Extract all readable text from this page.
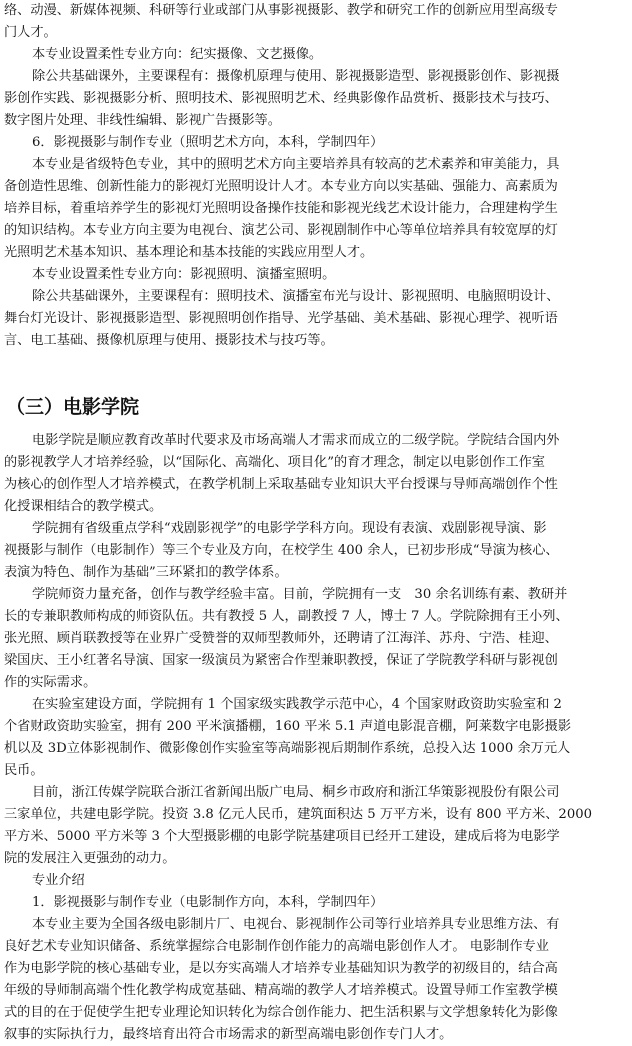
络、动漫、新媒体视频、科研等行业或部门从事影视摄影、教学和研究工作的创新应用型高级专
门人才。
本专业设置柔性专业方向：纪实摄像、文艺摄像。
除公共基础课外，主要课程有：摄像机原理与使用、影视摄影造型、影视摄影创作、影视摄
影创作实践、影视摄影分析、照明技术、影视照明艺术、经典影像作品赏析、摄影技术与技巧、
数字图片处理、非线性编辑、影视广告摄影等。
6．影视摄影与制作专业（照明艺术方向，本科，学制四年）
本专业是省级特色专业，其中的照明艺术方向主要培养具有较高的艺术素养和审美能力，具
备创造性思维、创新性能力的影视灯光照明设计人才。本专业方向以实基础、强能力、高素质为
培养目标，着重培养学生的影视灯光照明设备操作技能和影视光线艺术设计能力，合理建构学生
的知识结构。本专业方向主要为电视台、演艺公司、影视剧制作中心等单位培养具有较宽厚的灯
光照明艺术基本知识、基本理论和基本技能的实践应用型人才。
本专业设置柔性专业方向：影视照明、演播室照明。
除公共基础课外，主要课程有：照明技术、演播室布光与设计、影视照明、电脑照明设计、
舞台灯光设计、影视摄影造型、影视照明创作指导、光学基础、美术基础、影视心理学、视听语
言、电工基础、摄像机原理与使用、摄影技术与技巧等。
（三）电影学院
电影学院是顺应教育改革时代要求及市场高端人才需求而成立的二级学院。学院结合国内外
的影视教学人才培养经验，以“国际化、高端化、项目化”的育才理念，制定以电影创作工作室
为核心的创作型人才培养模式，在教学机制上采取基础专业知识大平台授课与导师高端创作个性
化授课相结合的教学模式。
学院拥有省级重点学科“戏剧影视学”的电影学学科方向。现设有表演、戏剧影视导演、影
视摄影与制作（电影制作）等三个专业及方向，在校学生 400 余人，已初步形成“导演为核心、
表演为特色、制作为基础”三环紧扣的教学体系。
学院师资力量充备，创作与教学经验丰富。目前，学院拥有一支　30 余名训练有素、教研并
长的专兼职教师构成的师资队伍。共有教授 5 人，副教授 7 人，博士 7 人。学院除拥有王小列、
张光照、顾肖联教授等在业界广受赞誉的双师型教师外，还聘请了江海洋、苏舟、宁浩、桂迎、
梁国庆、王小红著名导演、国家一级演员为紧密合作型兼职教授，保证了学院教学科研与影视创
作的实际需求。
在实验室建设方面，学院拥有 1 个国家级实践教学示范中心，4 个国家财政资助实验室和 2
个省财政资助实验室，拥有 200 平米演播棚，160 平米 5.1 声道电影混音棚，阿莱数字电影摄影
机以及 3D立体影视制作、微影像创作实验室等高端影视后期制作系统，总投入达 1000 余万元人
民币。
目前，浙江传媒学院联合浙江省新闻出版广电局、桐乡市政府和浙江华策影视股份有限公司
三家单位，共建电影学院。投资 3.8 亿元人民币，建筑面积达 5 万平方米，设有 800 平方米、2000
平方米、5000 平方米等 3 个大型摄影棚的电影学院基建项目已经开工建设，建成后将为电影学
院的发展注入更强劲的动力。
专业介绍
1．影视摄影与制作专业（电影制作方向，本科，学制四年）
本专业主要为全国各级电影制片厂、电视台、影视制作公司等行业培养具专业思维方法、有
良好艺术专业知识储备、系统掌握综合电影制作创作能力的高端电影创作人才。 电影制作专业
作为电影学院的核心基础专业，是以夯实高端人才培养专业基础知识为教学的初级目的，结合高
年级的导师制高端个性化教学构成宽基础、精高端的教学人才培养模式。设置导师工作室教学模
式的目的在于促使学生把专业理论知识转化为综合创作能力、把生活积累与文学想象转化为影像
叙事的实际执行力，最终培育出符合市场需求的新型高端电影创作专门人才。
